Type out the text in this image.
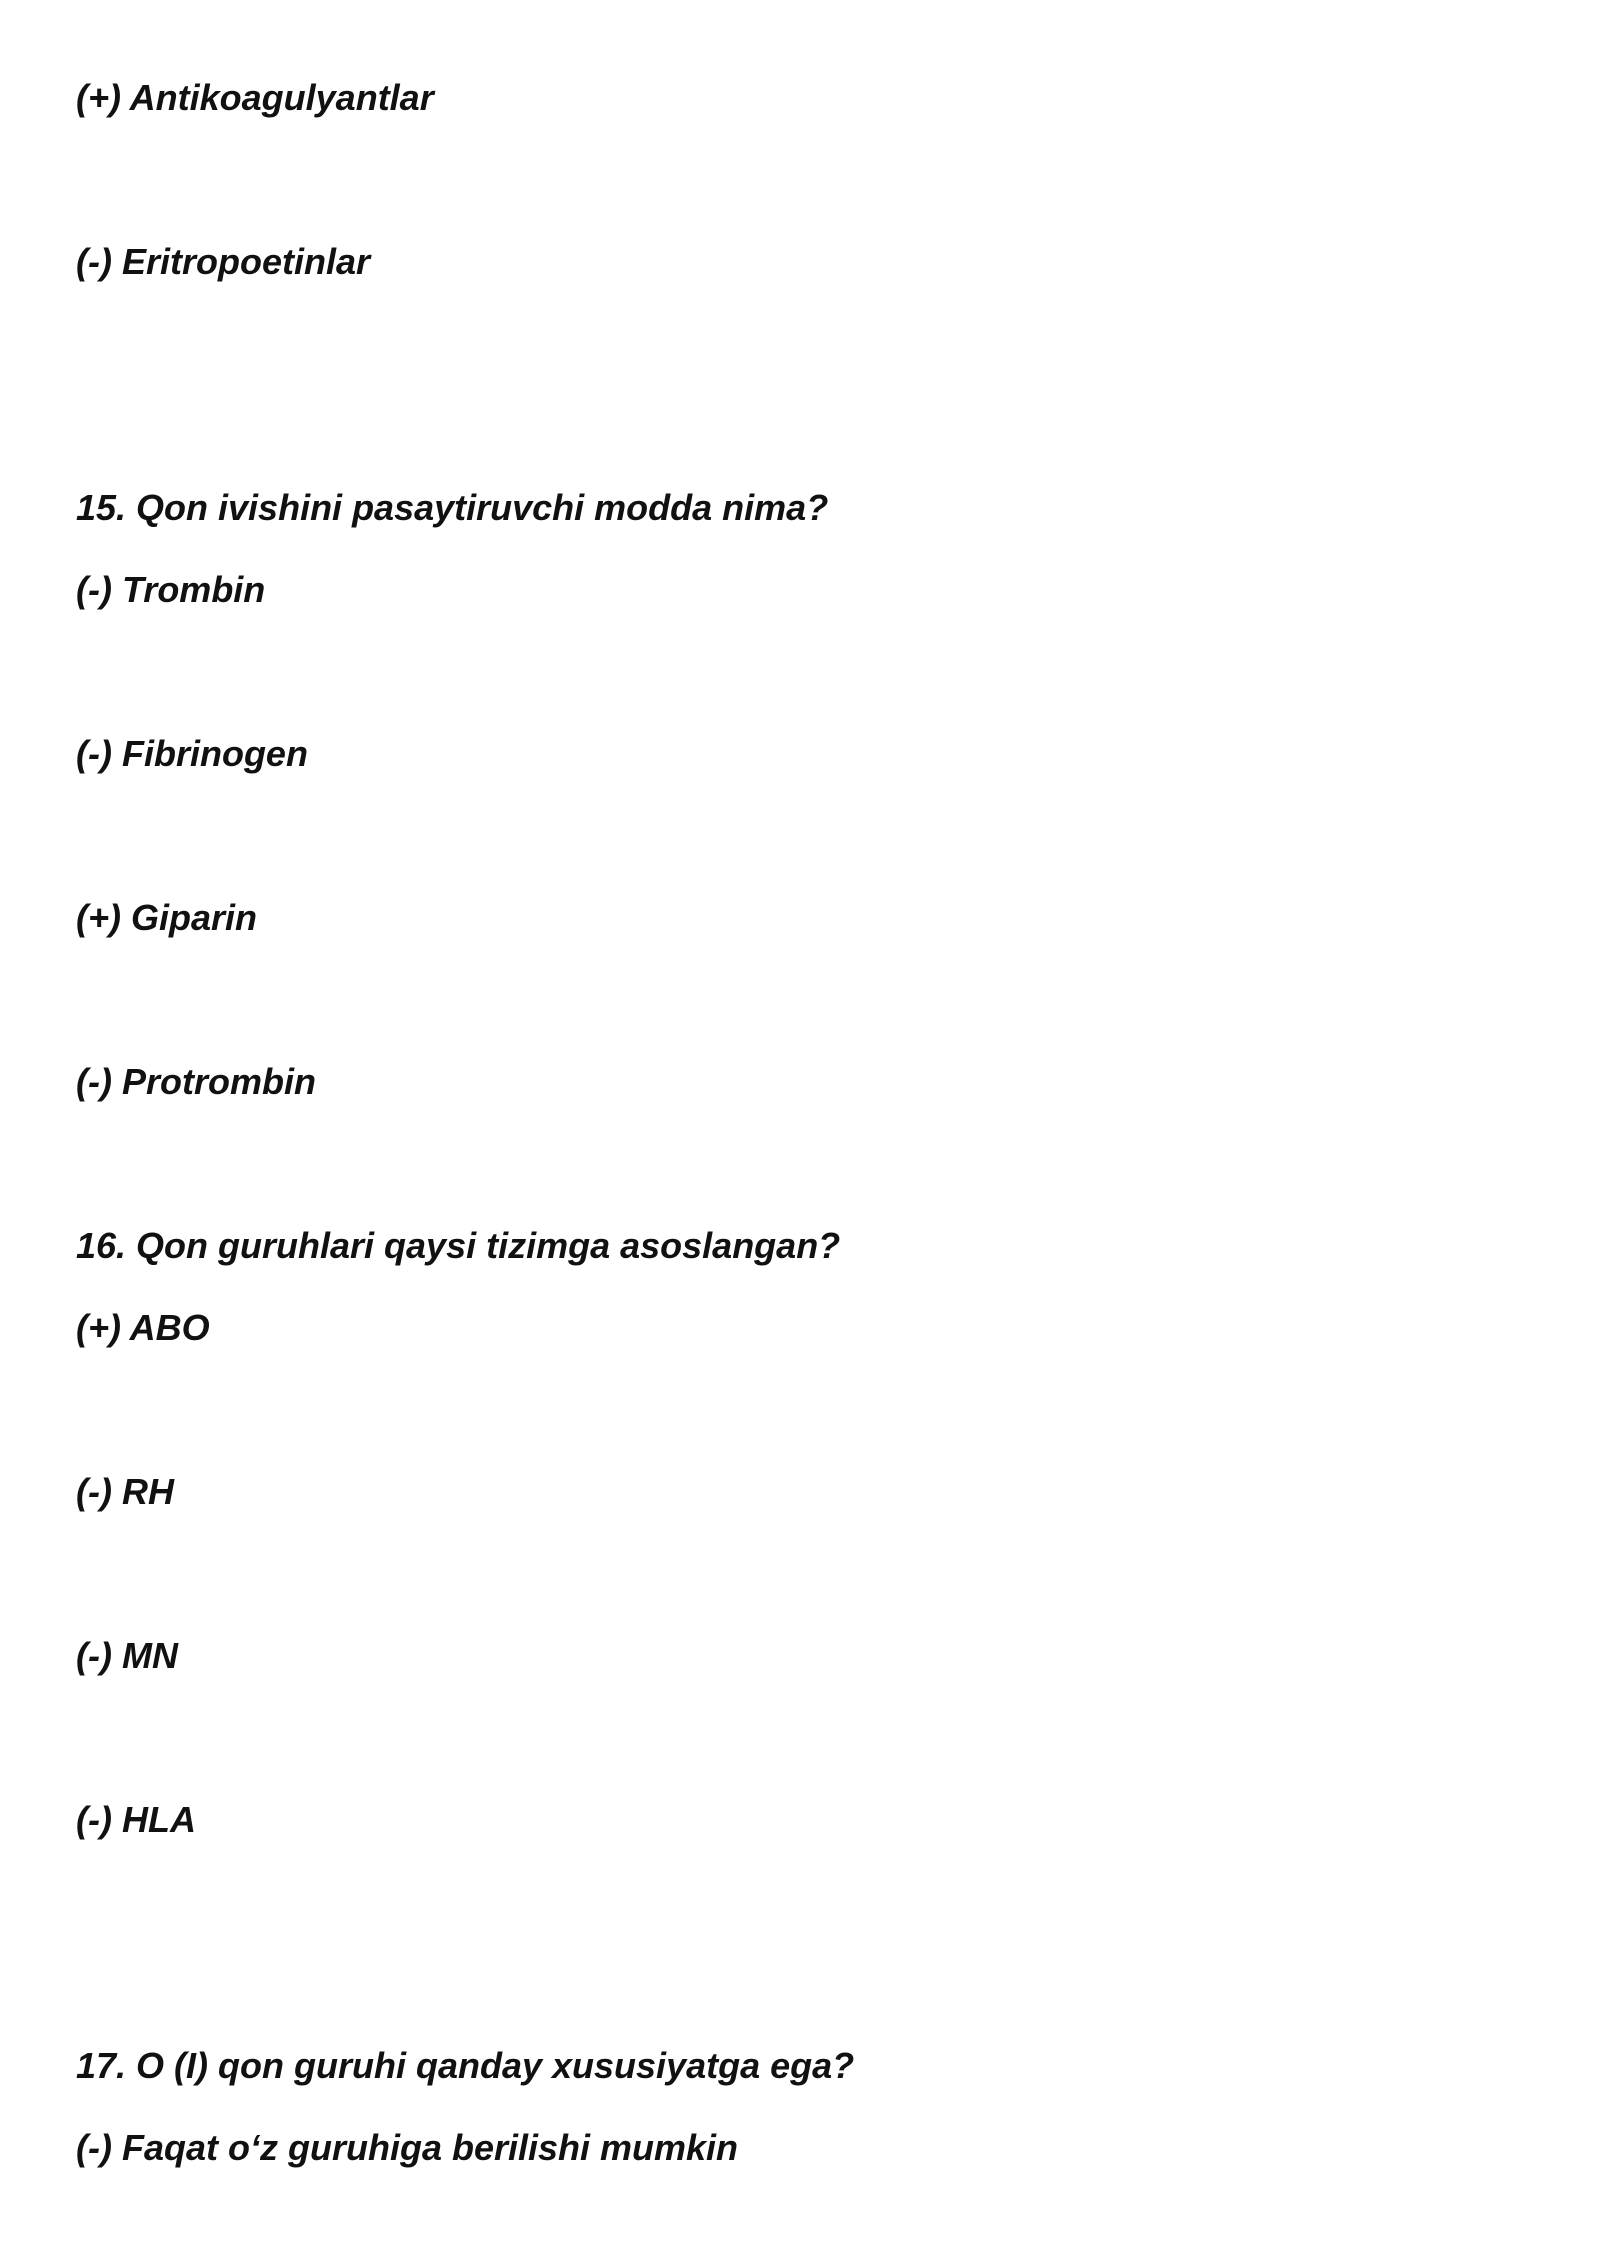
(+) Antikoagulyantlar

(-) Eritropoetinlar

15. Qon ivishini pasaytiruvchi modda nima?

(-) Trombin

(-) Fibrinogen

(+) Giparin

(-) Protrombin

16. Qon guruhlari qaysi tizimga asoslangan?

(+) ABO

(-) RH

(-) MN

(-) HLA

17. O (I) qon guruhi qanday xususiyatga ega?

(-) Faqat o‘z guruhiga berilishi mumkin
